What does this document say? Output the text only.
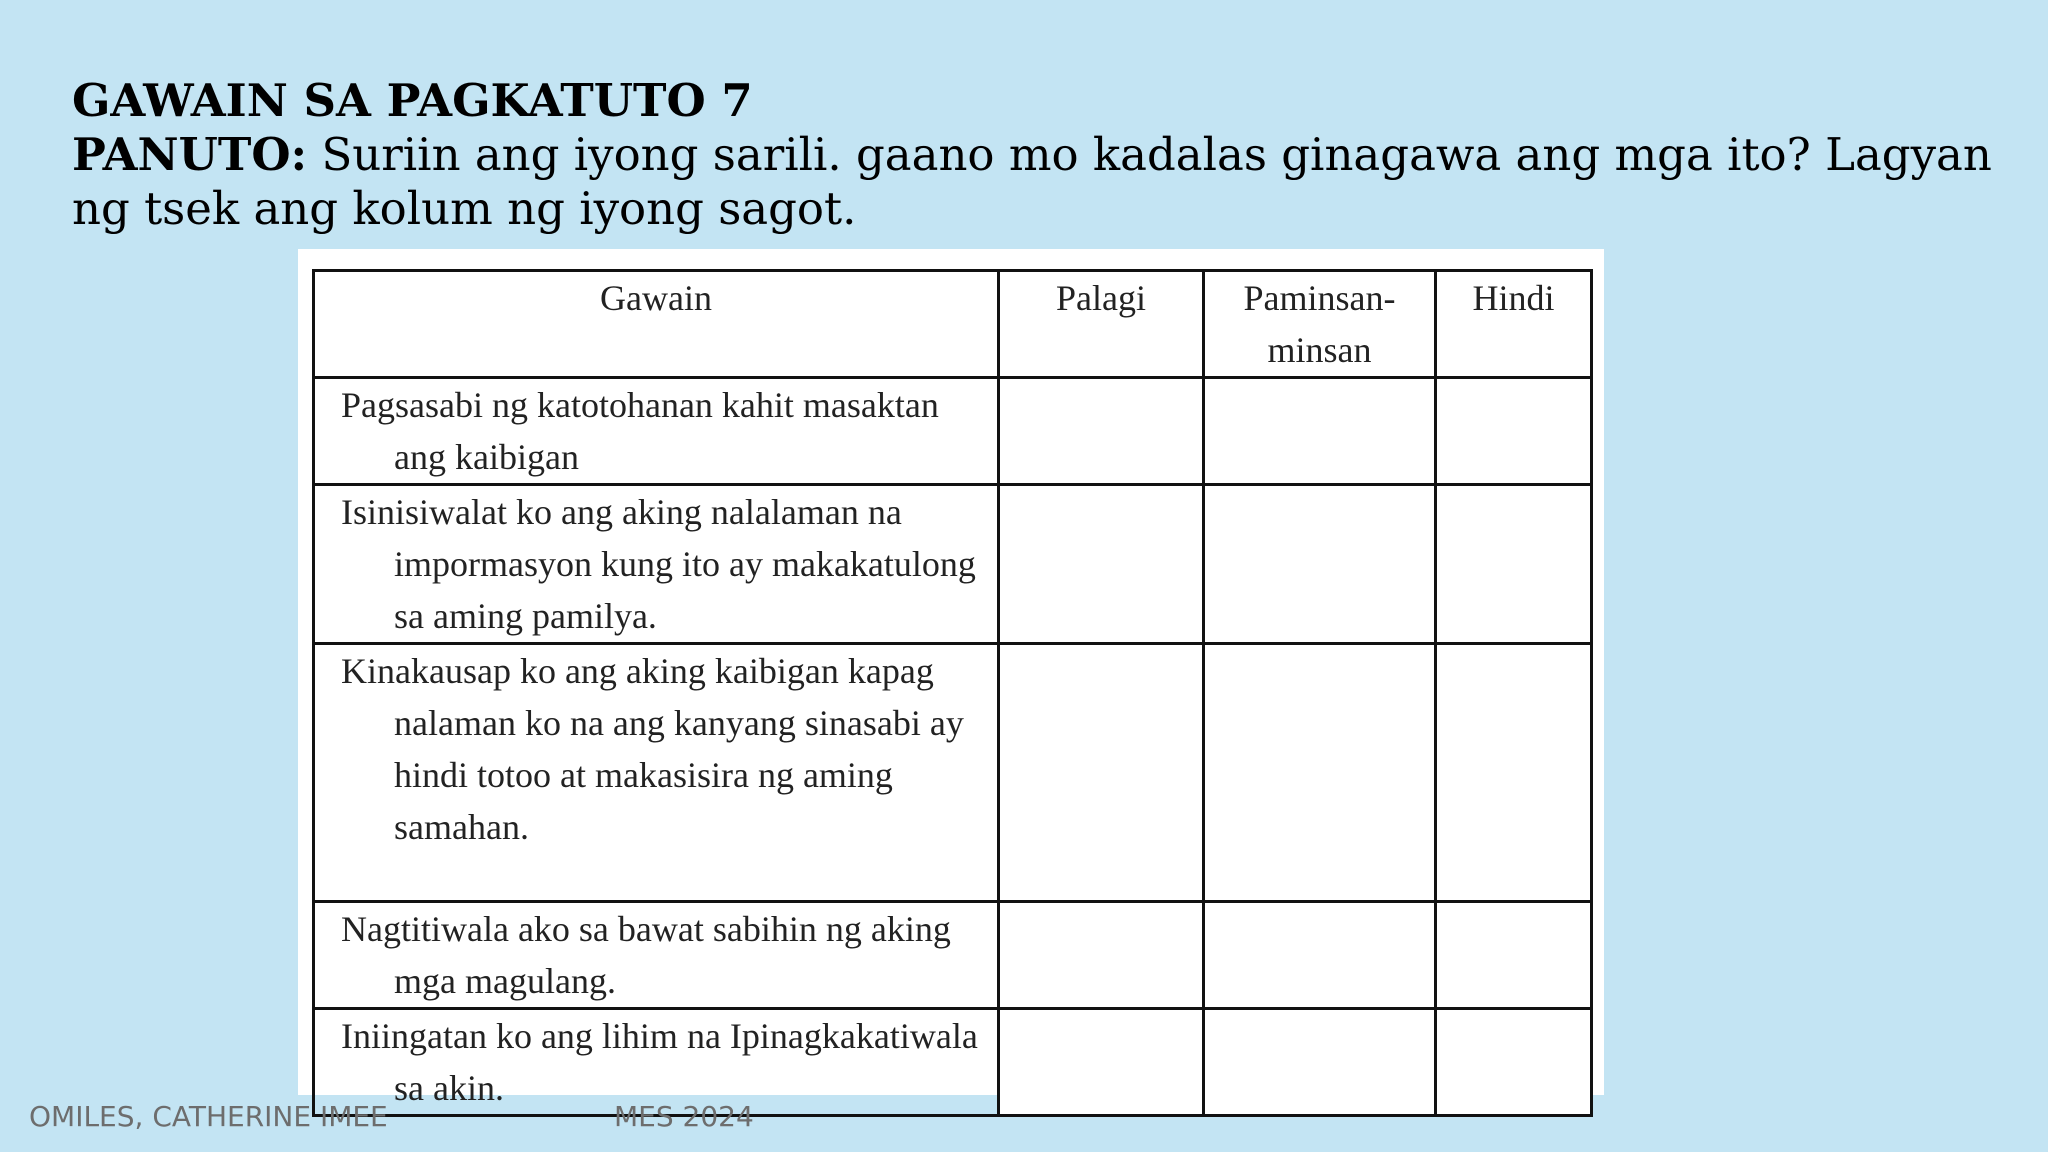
GAWAIN SA PAGKATUTO 7
PANUTO: Suriin ang iyong sarili. gaano mo kadalas ginagawa ang mga ito? Lagyan ng tsek ang kolum ng iyong sagot.
Gawain	Palagi	Paminsan-minsan	Hindi
Pagsasabi ng katotohanan kahit masaktan ang kaibigan			
Isinisiwalat ko ang aking nalalaman na impormasyon kung ito ay makakatulong sa aming pamilya.			
Kinakausap ko ang aking kaibigan kapag nalaman ko na ang kanyang sinasabi ay hindi totoo at makasisira ng aming samahan.			
Nagtitiwala ako sa bawat sabihin ng aking mga magulang.			
Iniingatan ko ang lihim na Ipinagkakatiwala sa akin.			
OMILES, CATHERINE IMEE	MES 2024
